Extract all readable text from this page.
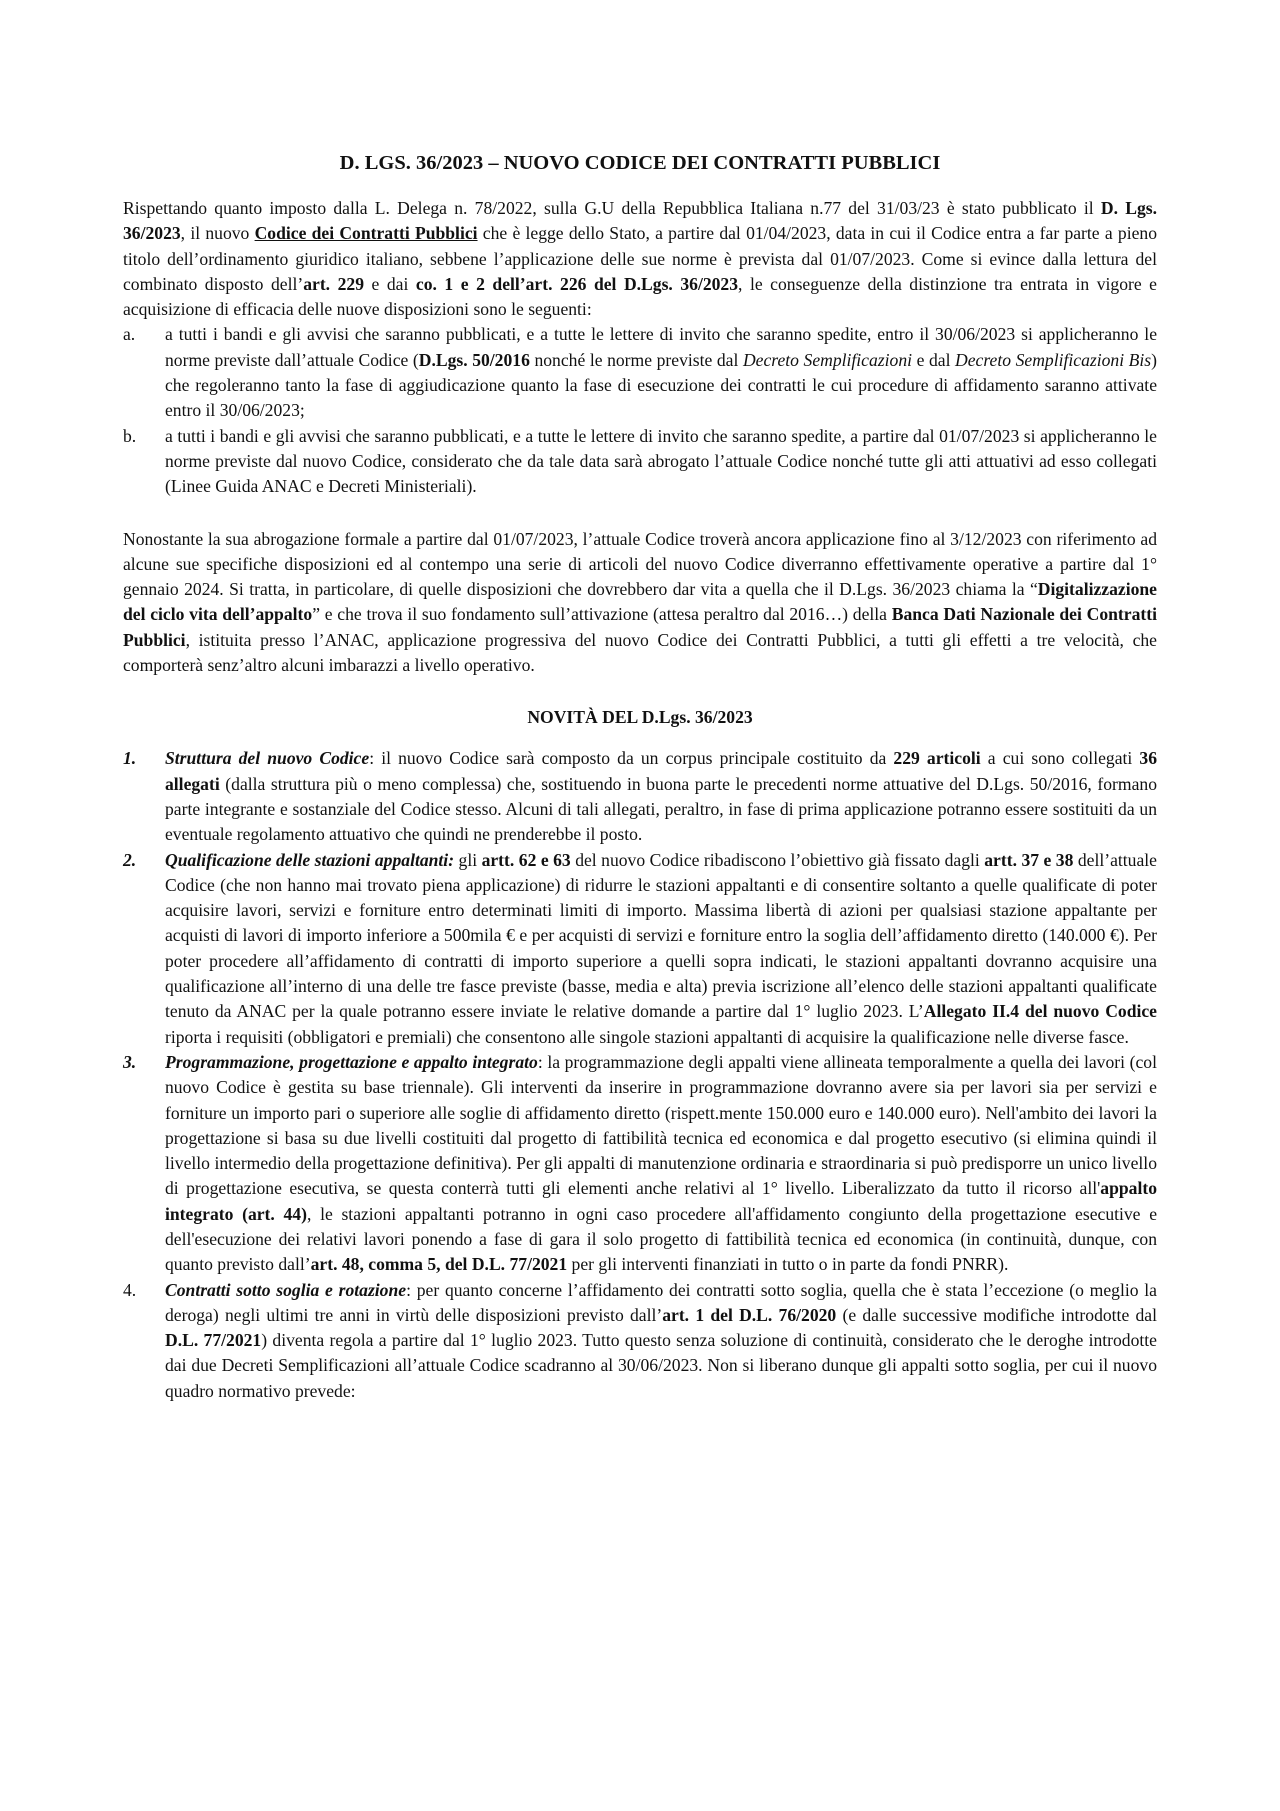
D. LGS. 36/2023 – NUOVO CODICE DEI CONTRATTI PUBBLICI

Rispettando quanto imposto dalla L. Delega n. 78/2022, sulla G.U della Repubblica Italiana n.77 del 31/03/23 è stato pubblicato il D. Lgs. 36/2023, il nuovo Codice dei Contratti Pubblici che è legge dello Stato, a partire dal 01/04/2023, data in cui il Codice entra a far parte a pieno titolo dell’ordinamento giuridico italiano, sebbene l’applicazione delle sue norme è prevista dal 01/07/2023. Come si evince dalla lettura del combinato disposto dell’art. 229 e dai co. 1 e 2 dell’art. 226 del D.Lgs. 36/2023, le conseguenze della distinzione tra entrata in vigore e acquisizione di efficacia delle nuove disposizioni sono le seguenti:

a. a tutti i bandi e gli avvisi che saranno pubblicati, e a tutte le lettere di invito che saranno spedite, entro il 30/06/2023 si applicheranno le norme previste dall’attuale Codice (D.Lgs. 50/2016 nonché le norme previste dal Decreto Semplificazioni e dal Decreto Semplificazioni Bis) che regoleranno tanto la fase di aggiudicazione quanto la fase di esecuzione dei contratti le cui procedure di affidamento saranno attivate entro il 30/06/2023;
b. a tutti i bandi e gli avvisi che saranno pubblicati, e a tutte le lettere di invito che saranno spedite, a partire dal 01/07/2023 si applicheranno le norme previste dal nuovo Codice, considerato che da tale data sarà abrogato l’attuale Codice nonché tutte gli atti attuativi ad esso collegati (Linee Guida ANAC e Decreti Ministeriali).

Nonostante la sua abrogazione formale a partire dal 01/07/2023, l’attuale Codice troverà ancora applicazione fino al 3/12/2023 con riferimento ad alcune sue specifiche disposizioni ed al contempo una serie di articoli del nuovo Codice diverranno effettivamente operative a partire dal 1° gennaio 2024. Si tratta, in particolare, di quelle disposizioni che dovrebbero dar vita a quella che il D.Lgs. 36/2023 chiama la “Digitalizzazione del ciclo vita dell’appalto” e che trova il suo fondamento sull’attivazione (attesa peraltro dal 2016…) della Banca Dati Nazionale dei Contratti Pubblici, istituita presso l’ANAC, applicazione progressiva del nuovo Codice dei Contratti Pubblici, a tutti gli effetti a tre velocità, che comporterà senz’altro alcuni imbarazzi a livello operativo.

NOVITÀ DEL D.Lgs. 36/2023
1. Struttura del nuovo Codice: il nuovo Codice sarà composto da un corpus principale costituito da 229 articoli a cui sono collegati 36 allegati (dalla struttura più o meno complessa) che, sostituendo in buona parte le precedenti norme attuative del D.Lgs. 50/2016, formano parte integrante e sostanziale del Codice stesso. Alcuni di tali allegati, peraltro, in fase di prima applicazione potranno essere sostituiti da un eventuale regolamento attuativo che quindi ne prenderebbe il posto.
2. Qualificazione delle stazioni appaltanti: gli artt. 62 e 63 del nuovo Codice ribadiscono l’obiettivo già fissato dagli artt. 37 e 38 dell’attuale Codice (che non hanno mai trovato piena applicazione) di ridurre le stazioni appaltanti e di consentire soltanto a quelle qualificate di poter acquisire lavori, servizi e forniture entro determinati limiti di importo. Massima libertà di azioni per qualsiasi stazione appaltante per acquisti di lavori di importo inferiore a 500mila € e per acquisti di servizi e forniture entro la soglia dell’affidamento diretto (140.000 €). Per poter procedere all’affidamento di contratti di importo superiore a quelli sopra indicati, le stazioni appaltanti dovranno acquisire una qualificazione all’interno di una delle tre fasce previste (basse, media e alta) previa iscrizione all’elenco delle stazioni appaltanti qualificate tenuto da ANAC per la quale potranno essere inviate le relative domande a partire dal 1° luglio 2023. L’Allegato II.4 del nuovo Codice riporta i requisiti (obbligatori e premiali) che consentono alle singole stazioni appaltanti di acquisire la qualificazione nelle diverse fasce.
3. Programmazione, progettazione e appalto integrato: la programmazione degli appalti viene allineata temporalmente a quella dei lavori (col nuovo Codice è gestita su base triennale). Gli interventi da inserire in programmazione dovranno avere sia per lavori sia per servizi e forniture un importo pari o superiore alle soglie di affidamento diretto (rispett.mente 150.000 euro e 140.000 euro). Nell'ambito dei lavori la progettazione si basa su due livelli costituiti dal progetto di fattibilità tecnica ed economica e dal progetto esecutivo (si elimina quindi il livello intermedio della progettazione definitiva). Per gli appalti di manutenzione ordinaria e straordinaria si può predisporre un unico livello di progettazione esecutiva, se questa conterrà tutti gli elementi anche relativi al 1° livello. Liberalizzato da tutto il ricorso all'appalto integrato (art. 44), le stazioni appaltanti potranno in ogni caso procedere all'affidamento congiunto della progettazione esecutive e dell'esecuzione dei relativi lavori ponendo a fase di gara il solo progetto di fattibilità tecnica ed economica (in continuità, dunque, con quanto previsto dall’art. 48, comma 5, del D.L. 77/2021 per gli interventi finanziati in tutto o in parte da fondi PNRR).
4. Contratti sotto soglia e rotazione: per quanto concerne l’affidamento dei contratti sotto soglia, quella che è stata l’eccezione (o meglio la deroga) negli ultimi tre anni in virtù delle disposizioni previsto dall’art. 1 del D.L. 76/2020 (e dalle successive modifiche introdotte dal D.L. 77/2021) diventa regola a partire dal 1° luglio 2023. Tutto questo senza soluzione di continuità, considerato che le deroghe introdotte dai due Decreti Semplificazioni all’attuale Codice scadranno al 30/06/2023. Non si liberano dunque gli appalti sotto soglia, per cui il nuovo quadro normativo prevede:
